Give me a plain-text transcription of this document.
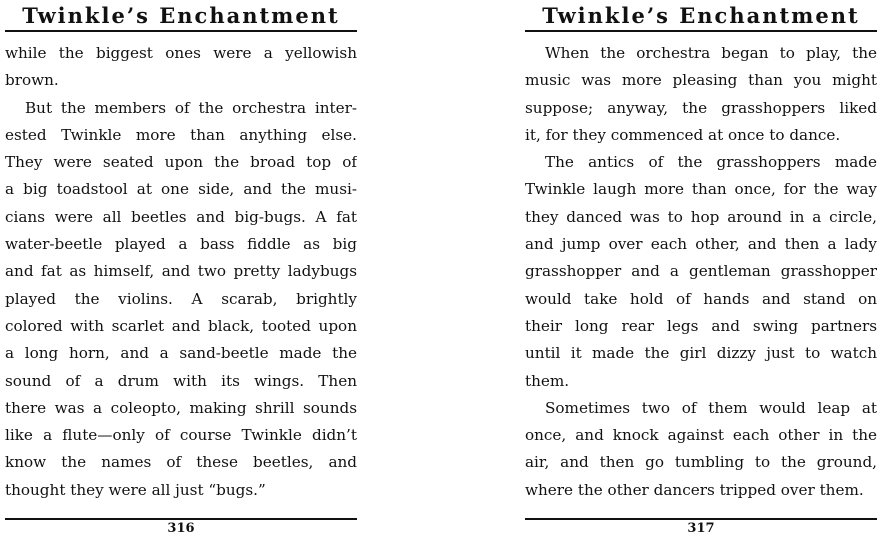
Twinkle’s Enchantment
while the biggest ones were a yellowish
brown.
But the members of the orchestra inter-
ested Twinkle more than anything else.
They were seated upon the broad top of
a big toadstool at one side, and the musi-
cians were all beetles and big-bugs. A fat
water-beetle played a bass fiddle as big
and fat as himself, and two pretty ladybugs
played the violins. A scarab, brightly
colored with scarlet and black, tooted upon
a long horn, and a sand-beetle made the
sound of a drum with its wings. Then
there was a coleopto, making shrill sounds
like a flute—only of course Twinkle didn’t
know the names of these beetles, and
thought they were all just “bugs.”
316
Twinkle’s Enchantment
When the orchestra began to play, the
music was more pleasing than you might
suppose; anyway, the grasshoppers liked
it, for they commenced at once to dance.
The antics of the grasshoppers made
Twinkle laugh more than once, for the way
they danced was to hop around in a circle,
and jump over each other, and then a lady
grasshopper and a gentleman grasshopper
would take hold of hands and stand on
their long rear legs and swing partners
until it made the girl dizzy just to watch
them.
Sometimes two of them would leap at
once, and knock against each other in the
air, and then go tumbling to the ground,
where the other dancers tripped over them.
317
